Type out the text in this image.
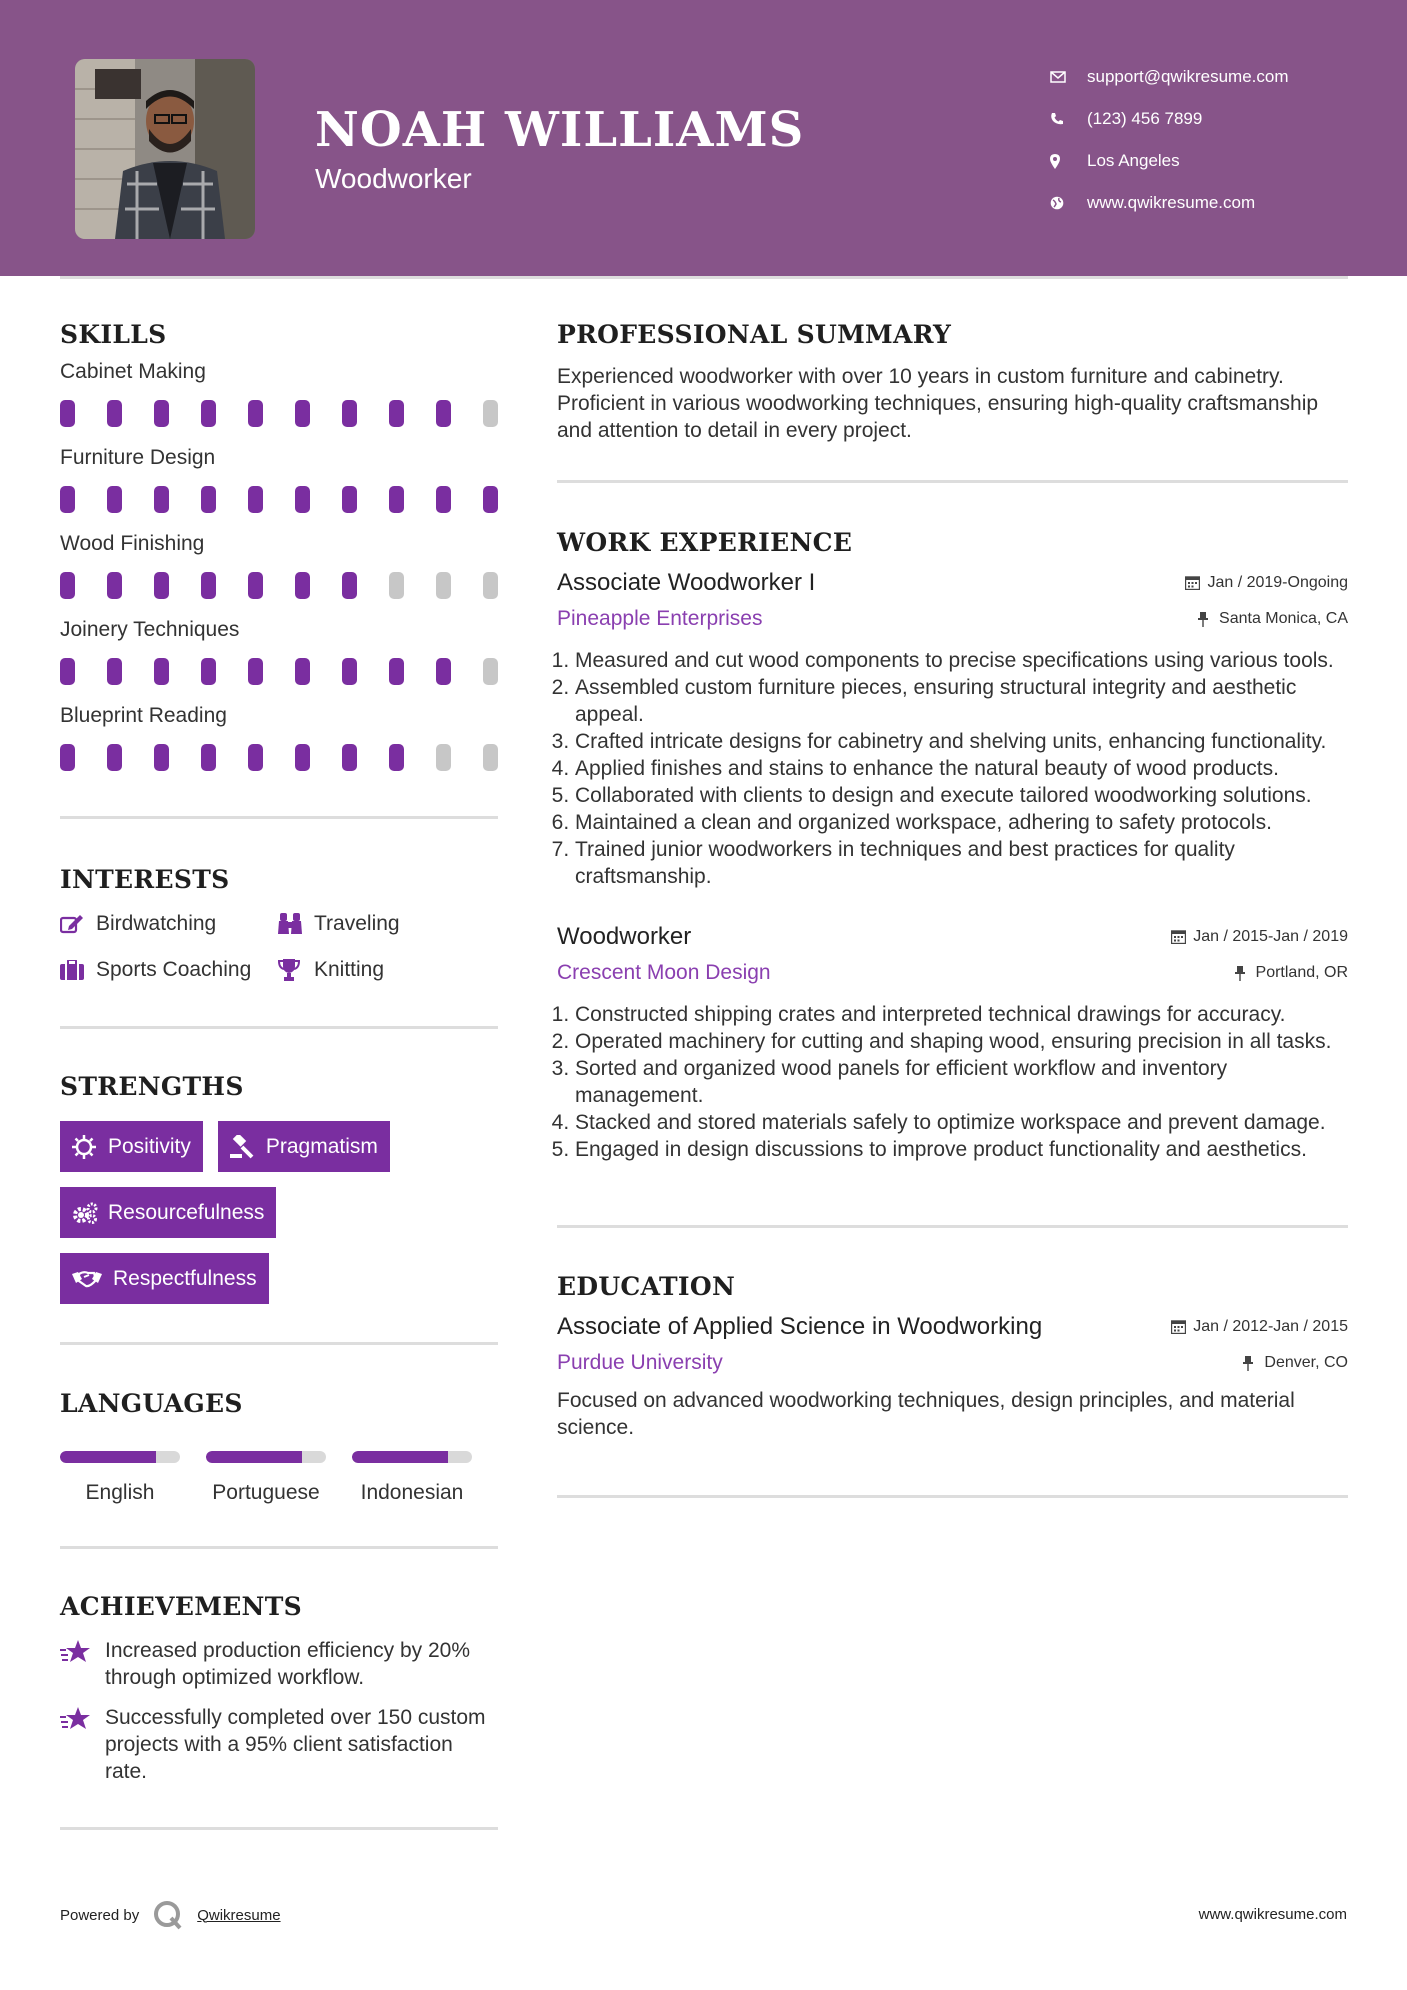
NOAH WILLIAMS
Woodworker
support@qwikresume.com
(123) 456 7899
Los Angeles
www.qwikresume.com
SKILLS
Cabinet Making
Furniture Design
Wood Finishing
Joinery Techniques
Blueprint Reading
INTERESTS
Birdwatching	Traveling
Sports Coaching	Knitting
STRENGTHS
Positivity	Pragmatism
Resourcefulness
Respectfulness
LANGUAGES
English	Portuguese	Indonesian
ACHIEVEMENTS
Increased production efficiency by 20% through optimized workflow.
Successfully completed over 150 custom projects with a 95% client satisfaction rate.
PROFESSIONAL SUMMARY
Experienced woodworker with over 10 years in custom furniture and cabinetry. Proficient in various woodworking techniques, ensuring high-quality craftsmanship and attention to detail in every project.
WORK EXPERIENCE
Associate Woodworker I	Jan / 2019-Ongoing
Pineapple Enterprises	Santa Monica, CA
1. Measured and cut wood components to precise specifications using various tools.
2. Assembled custom furniture pieces, ensuring structural integrity and aesthetic appeal.
3. Crafted intricate designs for cabinetry and shelving units, enhancing functionality.
4. Applied finishes and stains to enhance the natural beauty of wood products.
5. Collaborated with clients to design and execute tailored woodworking solutions.
6. Maintained a clean and organized workspace, adhering to safety protocols.
7. Trained junior woodworkers in techniques and best practices for quality craftsmanship.
Woodworker	Jan / 2015-Jan / 2019
Crescent Moon Design	Portland, OR
1. Constructed shipping crates and interpreted technical drawings for accuracy.
2. Operated machinery for cutting and shaping wood, ensuring precision in all tasks.
3. Sorted and organized wood panels for efficient workflow and inventory management.
4. Stacked and stored materials safely to optimize workspace and prevent damage.
5. Engaged in design discussions to improve product functionality and aesthetics.
EDUCATION
Associate of Applied Science in Woodworking	Jan / 2012-Jan / 2015
Purdue University	Denver, CO
Focused on advanced woodworking techniques, design principles, and material science.
Powered by	Qwikresume	www.qwikresume.com
